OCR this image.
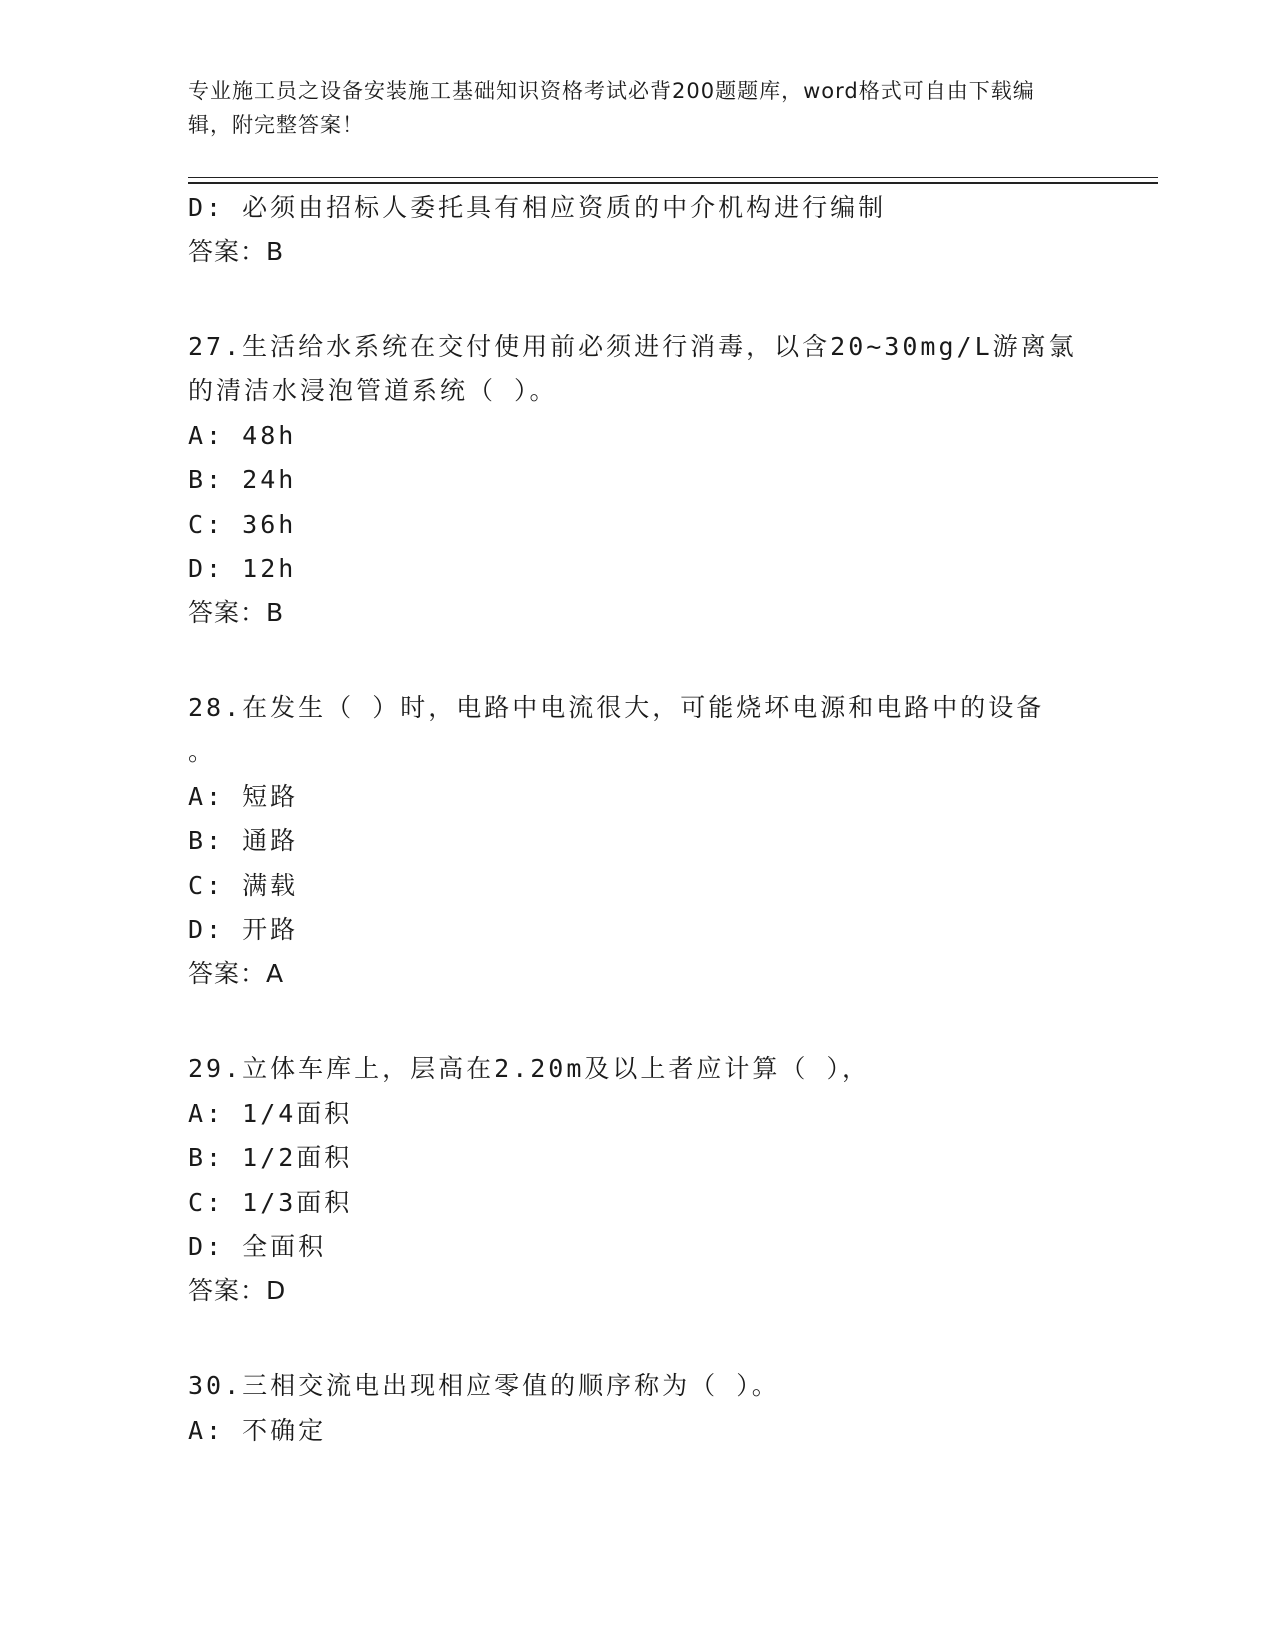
专业施工员之设备安装施工基础知识资格考试必背200题题库，word格式可自由下载编辑，附完整答案！
D: 必须由招标人委托具有相应资质的中介机构进行编制
答案：B
27.生活给水系统在交付使用前必须进行消毒，以含20~30mg/L游离氯
的清洁水浸泡管道系统（ ）。
A: 48h
B: 24h
C: 36h
D: 12h
答案：B
28.在发生（ ）时，电路中电流很大，可能烧坏电源和电路中的设备
。
A: 短路
B: 通路
C: 满载
D: 开路
答案：A
29.立体车库上，层高在2.20m及以上者应计算（ ），
A: 1/4面积
B: 1/2面积
C: 1/3面积
D: 全面积
答案：D
30.三相交流电出现相应零值的顺序称为（ ）。
A: 不确定
